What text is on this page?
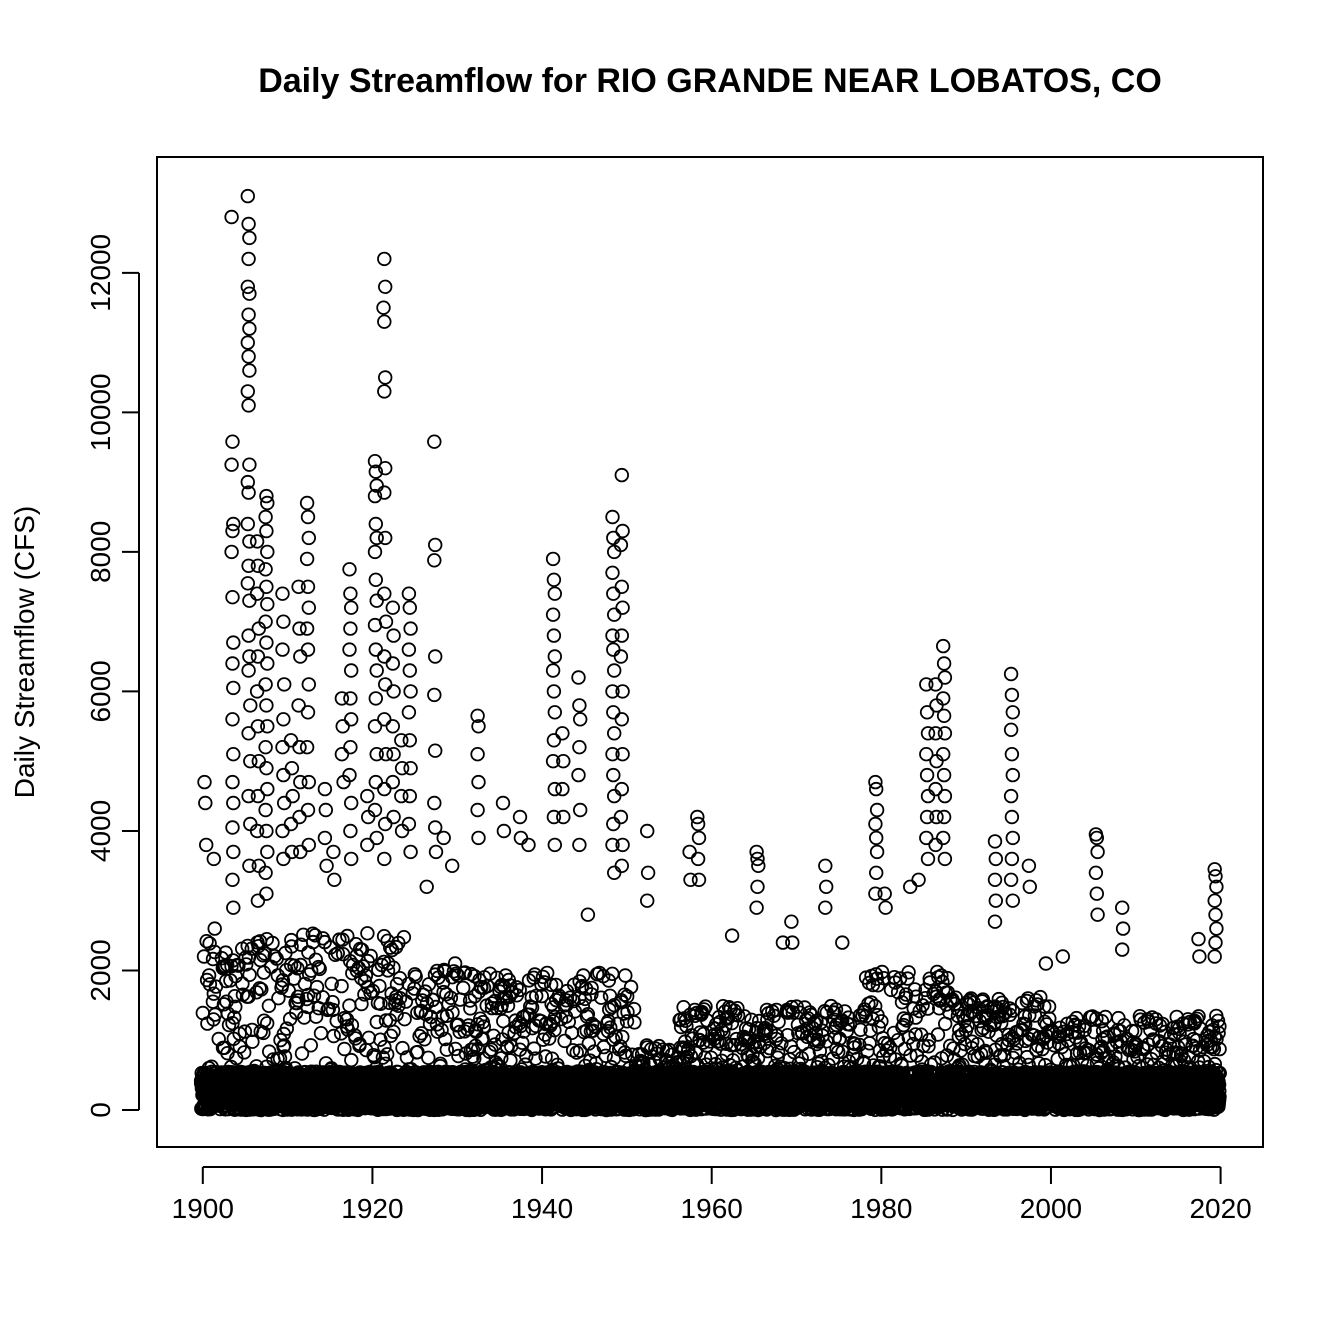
Daily Streamflow for RIO GRANDE NEAR LOBATOS, CO
Daily Streamflow (CFS)
1900	1920	1940	1960	1980	2000	2020
0
2000
4000
6000
8000
10000
12000
